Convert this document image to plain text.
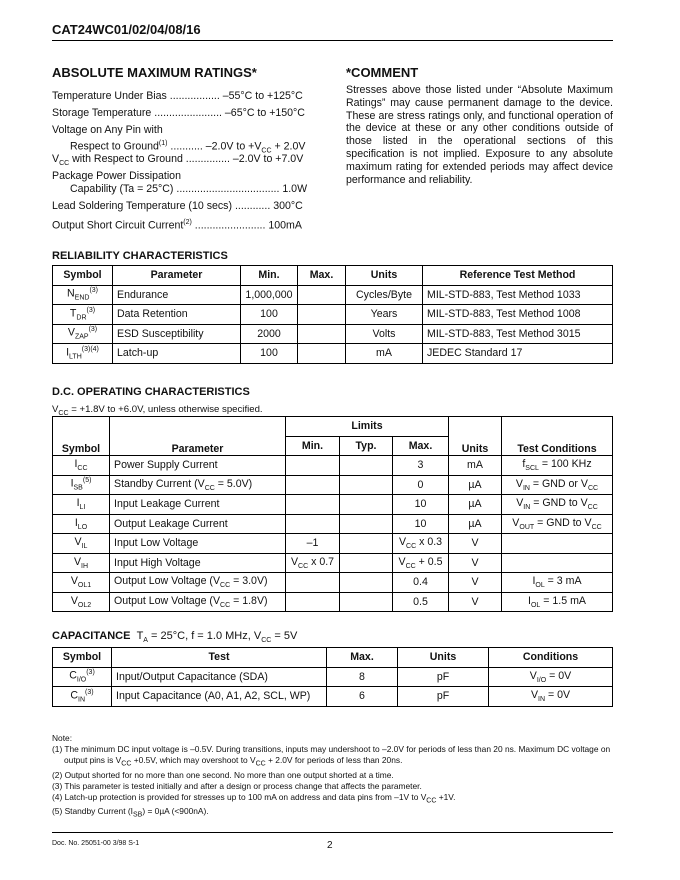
CAT24WC01/02/04/08/16
ABSOLUTE MAXIMUM RATINGS*
Temperature Under Bias ................. –55°C to +125°C
Storage Temperature ....................... –65°C to +150°C
Voltage on Any Pin with
Respect to Ground$^{(1)}$ ........... –2.0V to $+V_{CC} + 2.0V$
$V_{CC}$ with Respect to Ground ............... –2.0V to +7.0V
Package Power Dissipation
Capability (Ta = 25°C) ................................... 1.0W
Lead Soldering Temperature (10 secs) ............ 300°C
Output Short Circuit Current$^{(2)}$ ........................ 100mA
*COMMENT
Stresses above those listed under “Absolute Maximum Ratings” may cause permanent damage to the device. These are stress ratings only, and functional operation of the device at these or any other conditions outside of those listed in the operational sections of this specification is not implied. Exposure to any absolute maximum rating for extended periods may affect device performance and reliability.
RELIABILITY CHARACTERISTICS
Symbol	Parameter	Min.	Max.	Units	Reference Test Method
$N_{END}^{(3)}$	Endurance	1,000,000		Cycles/Byte	MIL-STD-883, Test Method 1033
$T_{DR}^{(3)}$	Data Retention	100		Years	MIL-STD-883, Test Method 1008
$V_{ZAP}^{(3)}$	ESD Susceptibility	2000		Volts	MIL-STD-883, Test Method 3015
$I_{LTH}^{(3)(4)}$	Latch-up	100		mA	JEDEC Standard 17
D.C. OPERATING CHARACTERISTICS
$V_{CC} = +1.8V$ to +6.0V, unless otherwise specified.
Symbol	Parameter	Limits			Units	Test Conditions
		Min.	Typ.	Max.		
$I_{CC}$	Power Supply Current			3	mA	$f_{SCL} = 100$ KHz
$I_{SB}^{(5)}$	Standby Current $(V_{CC} = 5.0V)$			0	µA	$V_{IN}$ = GND or $V_{CC}$
$I_{LI}$	Input Leakage Current			10	µA	$V_{IN}$ = GND to $V_{CC}$
$I_{LO}$	Output Leakage Current			10	µA	$V_{OUT}$ = GND to $V_{CC}$
$V_{IL}$	Input Low Voltage	–1		$V_{CC}$ x 0.3	V	
$V_{IH}$	Input High Voltage	$V_{CC}$ x 0.7		$V_{CC} + 0.5$	V	
$V_{OL1}$	Output Low Voltage $(V_{CC} = 3.0V)$			0.4	V	$I_{OL} = 3$ mA
$V_{OL2}$	Output Low Voltage $(V_{CC} = 1.8V)$			0.5	V	$I_{OL} = 1.5$ mA
CAPACITANCE $T_A = 25^\circ C$, f = 1.0 MHz, $V_{CC} = 5V$
Symbol	Test	Max.	Units	Conditions
$C_{I/O}^{(3)}$	Input/Output Capacitance (SDA)	8	pF	$V_{I/O} = 0V$
$C_{IN}^{(3)}$	Input Capacitance (A0, A1, A2, SCL, WP)	6	pF	$V_{IN} = 0V$
Note:
(1) The minimum DC input voltage is –0.5V. During transitions, inputs may undershoot to –2.0V for periods of less than 20 ns. Maximum DC voltage on output pins is $V_{CC} +0.5V$, which may overshoot to $V_{CC} + 2.0V$ for periods of less than 20ns.
(2) Output shorted for no more than one second. No more than one output shorted at a time.
(3) This parameter is tested initially and after a design or process change that affects the parameter.
(4) Latch-up protection is provided for stresses up to 100 mA on address and data pins from –1V to $V_{CC} +1V$.
(5) Standby Current $(I_{SB}) = 0\mu A$ (<900nA).
Doc. No. 25051-00 3/98 S-1	2
